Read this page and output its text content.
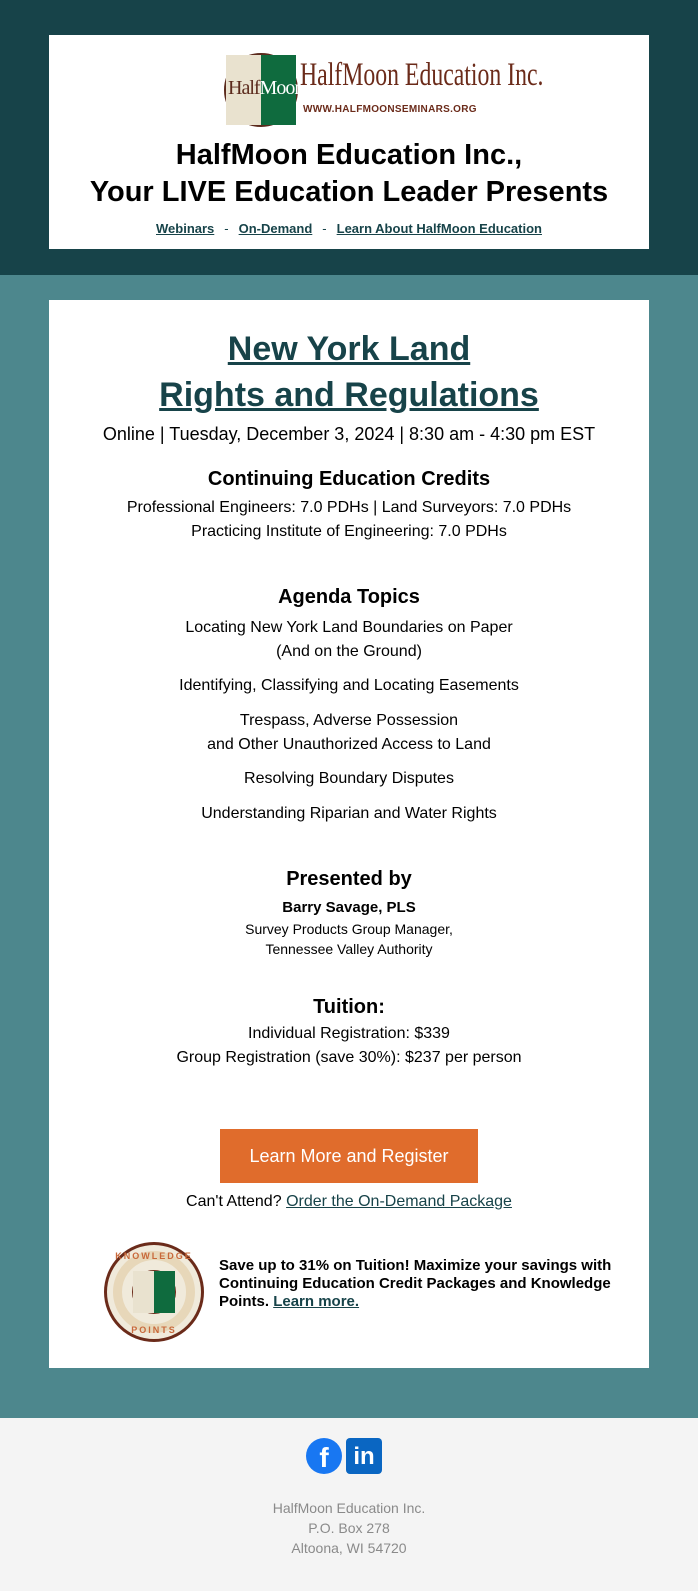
HalfMoon
HalfMoon Education Inc.
WWW.HALFMOONSEMINARS.ORG
HalfMoon Education Inc.,
Your LIVE Education Leader Presents
Webinars - On-Demand - Learn About HalfMoon Education
New York Land
Rights and Regulations
Online | Tuesday, December 3, 2024 | 8:30 am - 4:30 pm EST
Continuing Education Credits
Professional Engineers: 7.0 PDHs | Land Surveyors: 7.0 PDHs
Practicing Institute of Engineering: 7.0 PDHs
Agenda Topics
Locating New York Land Boundaries on Paper
(And on the Ground)
Identifying, Classifying and Locating Easements
Trespass, Adverse Possession
and Other Unauthorized Access to Land
Resolving Boundary Disputes
Understanding Riparian and Water Rights
Presented by
Barry Savage, PLS
Survey Products Group Manager,
Tennessee Valley Authority
Tuition:
Individual Registration: $339
Group Registration (save 30%): $237 per person
Learn More and Register
Can't Attend? Order the On-Demand Package
KNOWLEDGE
POINTS
Save up to 31% on Tuition! Maximize your savings with Continuing Education Credit Packages and Knowledge Points. Learn more.
f	in
HalfMoon Education Inc.
P.O. Box 278
Altoona, WI 54720
